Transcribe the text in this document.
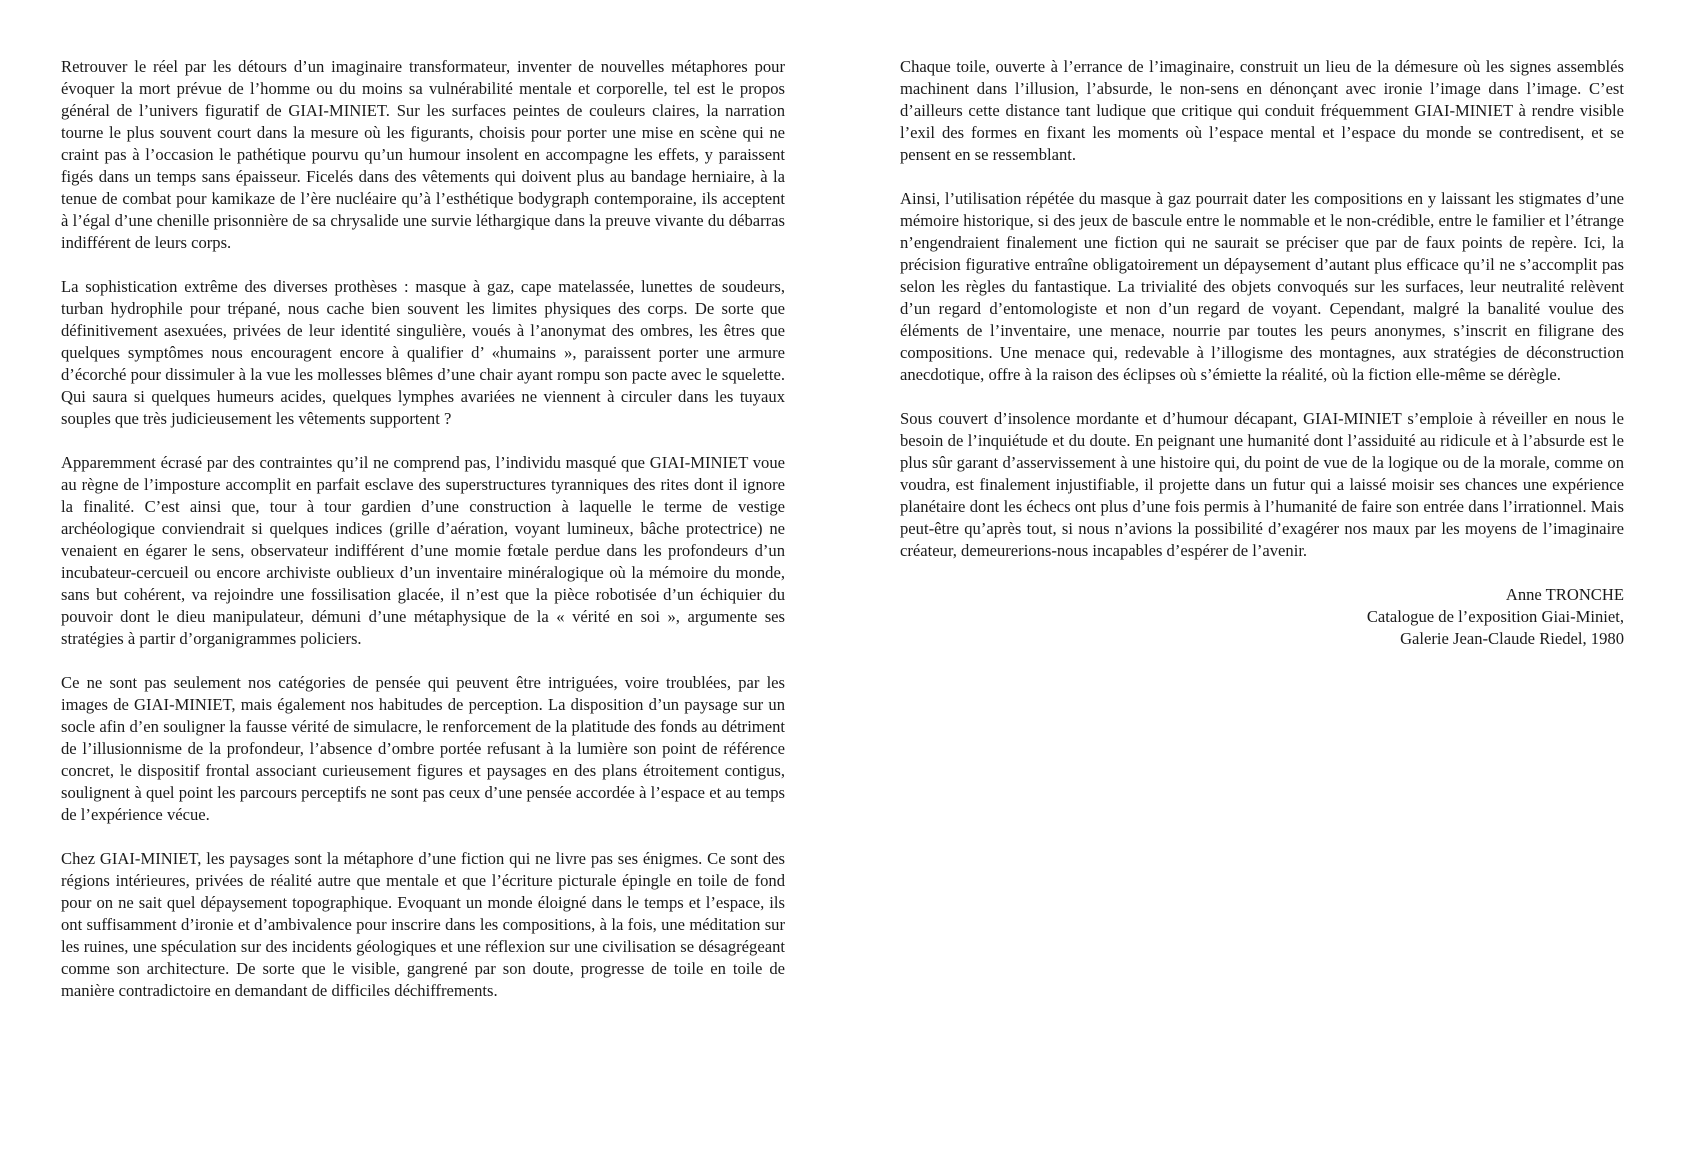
Retrouver le réel par les détours d’un imaginaire transformateur, inventer de nouvelles métaphores pour évoquer la mort prévue de l’homme ou du moins sa vulnérabilité mentale et corporelle, tel est le propos général de l’univers figuratif de GIAI-MINIET. Sur les surfaces peintes de couleurs claires, la narration tourne le plus souvent court dans la mesure où les figurants, choisis pour porter une mise en scène qui ne craint pas à l’occasion le pathétique pourvu qu’un humour insolent en accompagne les effets, y paraissent figés dans un temps sans épaisseur. Ficelés dans des vêtements qui doivent plus au bandage herniaire, à la tenue de combat pour kamikaze de l’ère nucléaire qu’à l’esthétique bodygraph contemporaine, ils acceptent à l’égal d’une chenille prisonnière de sa chrysalide une survie léthargique dans la preuve vivante du débarras indifférent de leurs corps.

La sophistication extrême des diverses prothèses : masque à gaz, cape matelassée, lunettes de soudeurs, turban hydrophile pour trépané, nous cache bien souvent les limites physiques des corps. De sorte que définitivement asexuées, privées de leur identité singulière, voués à l’anonymat des ombres, les êtres que quelques symptômes nous encouragent encore à qualifier d’ «humains », paraissent porter une armure d’écorché pour dissimuler à la vue les mollesses blêmes d’une chair ayant rompu son pacte avec le squelette. Qui saura si quelques humeurs acides, quelques lymphes avariées ne viennent à circuler dans les tuyaux souples que très judicieusement les vêtements supportent ?

Apparemment écrasé par des contraintes qu’il ne comprend pas, l’individu masqué que GIAI-MINIET voue au règne de l’imposture accomplit en parfait esclave des superstructures tyranniques des rites dont il ignore la finalité. C’est ainsi que, tour à tour gardien d’une construction à laquelle le terme de vestige archéologique conviendrait si quelques indices (grille d’aération, voyant lumineux, bâche protectrice) ne venaient en égarer le sens, observateur indifférent d’une momie fœtale perdue dans les profondeurs d’un incubateur-cercueil ou encore archiviste oublieux d’un inventaire minéralogique où la mémoire du monde, sans but cohérent, va rejoindre une fossilisation glacée, il n’est que la pièce robotisée d’un échiquier du pouvoir dont le dieu manipulateur, démuni d’une métaphysique de la « vérité en soi », argumente ses stratégies à partir d’organigrammes policiers.

Ce ne sont pas seulement nos catégories de pensée qui peuvent être intriguées, voire troublées, par les images de GIAI-MINIET, mais également nos habitudes de perception. La disposition d’un paysage sur un socle afin d’en souligner la fausse vérité de simulacre, le renforcement de la platitude des fonds au détriment de l’illusionnisme de la profondeur, l’absence d’ombre portée refusant à la lumière son point de référence concret, le dispositif frontal associant curieusement figures et paysages en des plans étroitement contigus, soulignent à quel point les parcours perceptifs ne sont pas ceux d’une pensée accordée à l’espace et au temps de l’expérience vécue.

Chez GIAI-MINIET, les paysages sont la métaphore d’une fiction qui ne livre pas ses énigmes. Ce sont des régions intérieures, privées de réalité autre que mentale et que l’écriture picturale épingle en toile de fond pour on ne sait quel dépaysement topographique. Evoquant un monde éloigné dans le temps et l’espace, ils ont suffisamment d’ironie et d’ambivalence pour inscrire dans les compositions, à la fois, une méditation sur les ruines, une spéculation sur des incidents géologiques et une réflexion sur une civilisation se désagrégeant comme son architecture. De sorte que le visible, gangrené par son doute, progresse de toile en toile de manière contradictoire en demandant de difficiles déchiffrements.

Chaque toile, ouverte à l’errance de l’imaginaire, construit un lieu de la démesure où les signes assemblés machinent dans l’illusion, l’absurde, le non-sens en dénonçant avec ironie l’image dans l’image. C’est d’ailleurs cette distance tant ludique que critique qui conduit fréquemment GIAI-MINIET à rendre visible l’exil des formes en fixant les moments où l’espace mental et l’espace du monde se contredisent, et se pensent en se ressemblant.

Ainsi, l’utilisation répétée du masque à gaz pourrait dater les compositions en y laissant les stigmates d’une mémoire historique, si des jeux de bascule entre le nommable et le non-crédible, entre le familier et l’étrange n’engendraient finalement une fiction qui ne saurait se préciser que par de faux points de repère. Ici, la précision figurative entraîne obligatoirement un dépaysement d’autant plus efficace qu’il ne s’accomplit pas selon les règles du fantastique. La trivialité des objets convoqués sur les surfaces, leur neutralité relèvent d’un regard d’entomologiste et non d’un regard de voyant. Cependant, malgré la banalité voulue des éléments de l’inventaire, une menace, nourrie par toutes les peurs anonymes, s’inscrit en filigrane des compositions. Une menace qui, redevable à l’illogisme des montagnes, aux stratégies de déconstruction anecdotique, offre à la raison des éclipses où s’émiette la réalité, où la fiction elle-même se dérègle.

Sous couvert d’insolence mordante et d’humour décapant, GIAI-MINIET s’emploie à réveiller en nous le besoin de l’inquiétude et du doute. En peignant une humanité dont l’assiduité au ridicule et à l’absurde est le plus sûr garant d’asservissement à une histoire qui, du point de vue de la logique ou de la morale, comme on voudra, est finalement injustifiable, il projette dans un futur qui a laissé moisir ses chances une expérience planétaire dont les échecs ont plus d’une fois permis à l’humanité de faire son entrée dans l’irrationnel. Mais peut-être qu’après tout, si nous n’avions la possibilité d’exagérer nos maux par les moyens de l’imaginaire créateur, demeurerions-nous incapables d’espérer de l’avenir.

Anne TRONCHE
Catalogue de l’exposition Giai-Miniet,
Galerie Jean-Claude Riedel, 1980
